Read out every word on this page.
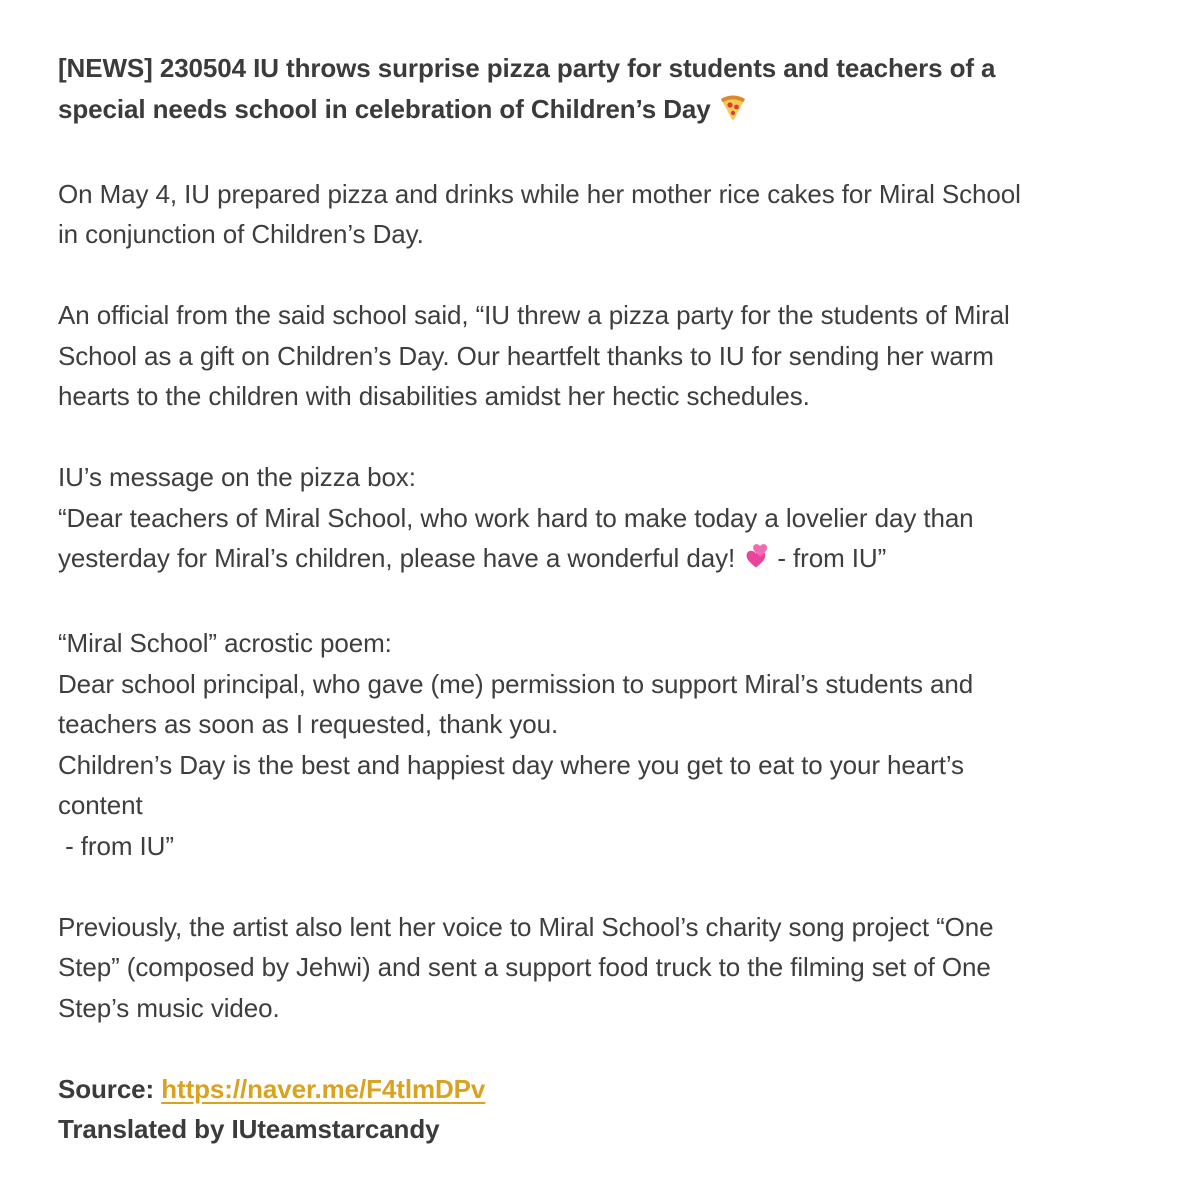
[NEWS] 230504 IU throws surprise pizza party for students and teachers of a
special needs school in celebration of Children’s Day
On May 4, IU prepared pizza and drinks while her mother rice cakes for Miral School
in conjunction of Children’s Day.
An official from the said school said, “IU threw a pizza party for the students of Miral
School as a gift on Children’s Day. Our heartfelt thanks to IU for sending her warm
hearts to the children with disabilities amidst her hectic schedules.
IU’s message on the pizza box:
“Dear teachers of Miral School, who work hard to make today a lovelier day than
yesterday for Miral’s children, please have a wonderful day!  - from IU”
“Miral School” acrostic poem:
Dear school principal, who gave (me) permission to support Miral’s students and
teachers as soon as I requested, thank you.
Children’s Day is the best and happiest day where you get to eat to your heart’s
content
- from IU”
Previously, the artist also lent her voice to Miral School’s charity song project “One
Step” (composed by Jehwi) and sent a support food truck to the filming set of One
Step’s music video.
Source: https://naver.me/F4tlmDPv
Translated by IUteamstarcandy
